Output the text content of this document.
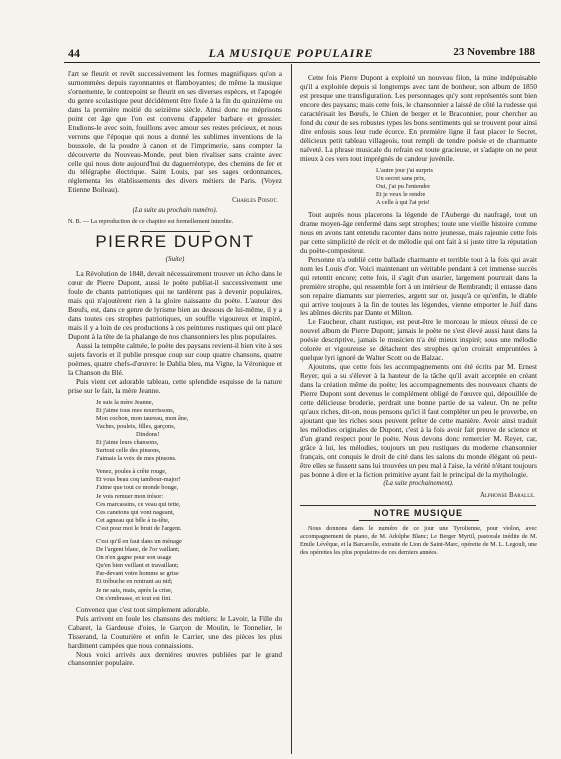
44	LA MUSIQUE POPULAIRE	23 Novembre 188

l'art se fleurit et revêt successivement les formes magnifiques qu'on a surnommées depuis rayonnantes et flamboyantes; de même la musique s'ornemente, le contrepoint se fleurit en ses diverses espèces, et l'apogée du genre scolastique peut décidément être fixée à la fin du quinzième ou dans la première moitié du seizième siècle. Ainsi donc ne méprisons point cet âge que l'on est convenu d'appeler barbare et grossier. Etudions-le avec soin, fouillons avec amour ses restes précieux, et nous verrons que l'époque qui nous a donné les sublimes inventions de la boussole, de la poudre à canon et de l'imprimerie, sans compter la découverte du Nouveau-Monde, peut bien rivaliser sans crainte avec celle qui nous dote aujourd'hui du daguerréotype, des chemins de fer et du télégraphe électrique. Saint Louis, par ses sages ordonnances, réglementa les établissements des divers métiers de Paris. (Voyez Etienne Boileau).

Charles Poisot.
(La suite au prochain numéro).
N. B. — La reproduction de ce chapitre est formellement interdite.
PIERRE DUPONT
(Suite)

La Révolution de 1848, devait nécessairement trouver un écho dans le cœur de Pierre Dupont, aussi le poète publiat-il successivement une foule de chants patriotiques qui ne tardèrent pas à devenir populaires, mais qui n'ajoutèrent rien à la gloire naissante du poète. L'auteur des Bœufs, est, dans ce genre de lyrisme bien au dessous de lui-même, il y a dans toutes ces strophes patriotiques, un souffle vigoureux et inspiré, mais il y a loin de ces productions à ces peintures rustiques qui ont placé Dupont à la tête de la phalange de nos chansonniers les plus populaires.

Aussi la tempête calmée, le poète des paysans revient-il bien vite à ses sujets favoris et il publie presque coup sur coup quatre chansons, quatre poèmes, quatre chefs-d'œuvre: le Dahlia bleu, ma Vigne, la Véronique et la Chanson du Blé.

Puis vient cet adorable tableau, cette splendide esquisse de la nature prise sur le fait, la mère Jeanne.

Je suis la mère Jeanne,
Et j'aime tous mes nourrissons,
Mon cochon, mon taureau, mon âne,
Vaches, poulets, filles, garçons,
Dindons!
Et j'aime leurs chansons,
Surtout celle des pinsons,
J'aimais la voix de mes pinsons.
Venez, poules à crête rouge,
Et vous beau coq tambour-major!
J'aime que tout ce monde bouge,
Je vois remuer mon trésor:
Ces marcassins, ce veau qui tette,
Ces canetons qui vont nageant,
Cet agneau qui bêle à tu-tête,
C'est pour moi le bruit de l'argent.
C'est qu'il en faut dans un ménage
De l'argent blanc, de l'or vaillant;
On n'en gagne pour son usage
Qu'en bien veillant et travaillant;
Par-devant votre homme se grise
Et trébuche en rentrant au nid;
Je ne sais, mais, après la crise,
On s'embrasse, et tout est fini.

Convenez que c'est tout simplement adorable.

Puis arrivent en foule les chansons des métiers: le Lavoir, la Fille du Cabaret, la Gardeuse d'oies, le Garçon de Moulin, le Tonnelier, le Tisserand, la Couturière et enfin le Carrier, une des pièces les plus hardiment campées que nous connaissions.

Nous voici arrivés aux dernières œuvres publiées par le grand chansonnier populaire.

Cette fois Pierre Dupont a exploité un nouveau filon, la mine indépuisable qu'il a exploitée depuis si longtemps avec tant de bonheur, son album de 1850 est presque une transfiguration. Les personnages qu'y sont représentés sont bien encore des paysans; mais cette fois, le chansonnier a laissé de côté la rudesse qui caractérisait les Bœufs, le Chien de berger et le Braconnier, pour chercher au fond du cœur de ses robustes types les bons sentiments qui se trouvent pour ainsi dire enfouis sous leur rude écorce. En première ligne il faut placer le Secret, délicieux petit tableau villageois, tout rempli de tendre poésie et de charmante naïveté. La phrase musicale du refrain est toute gracieuse, et s'adapte on ne peut mieux à ces vers tout imprégnés de candeur juvénile.

L'autre jour j'ai surpris
Un secret sans prix,
Oui, j'ai pu l'entendre
Et je veux le rendre
A celle à qui l'ai pris!

Tout auprès nous placerons la légende de l'Auberge du naufragé, tout un drame moyen-âge renfermé dans sept strophes; toute une vieille histoire comme nous en avons tant entendu raconter dans notre jeunesse, mais rajeunie cette fois par cette simplicité de récit et de mélodie qui ont fait à si juste titre la réputation du poète-compositeur.

Personne n'a oublié cette ballade charmante et terrible tout à la fois qui avait nom les Louis d'or. Voici maintenant un véritable pendant à cet immense succès qui retentit encore; cette fois, il s'agit d'un usurier, largement pourtrait dans la première strophe, qui ressemble fort à un intérieur de Rembrandt; il entasse dans son repaire diamants sur pierreries, argent sur or, jusqu'à ce qu'enfin, le diable qui arrive toujours à la fin de toutes les légendes, vienne emporter le Juif dans les abîmes décrits par Dante et Milton.

Le Faucheur, chant rustique, est peut-être le morceau le mieux réussi de ce nouvel album de Pierre Dupont; jamais le poète ne s'est élevé aussi haut dans la poésie descriptive, jamais le musicien n'a été mieux inspiré; sous une mélodie colorée et vigoureuse se détachent des strophes qu'on croirait empruntées à quelque lyri ignoré de Walter Scott ou de Balzac.

Ajoutons, que cette fois les accompagnements ont été écrits par M. Ernest Reyer, qui a su s'élever à la hauteur de la tâche qu'il avait acceptée en créant dans la création même du poète; les accompagnements des nouveaux chants de Pierre Dupont sont devenus le complément obligé de l'œuvre qui, dépouillée de cette délicieuse broderie, perdrait une bonne partie de sa valeur. On ne prête qu'aux riches, dit-on, nous pensons qu'ici il faut compléter un peu le proverbe, en ajoutant que les riches sous peuvent prêter de cette manière. Avoir ainsi traduit les mélodies originales de Dupont, c'est à la fois avoir fait preuve de science et d'un grand respect pour le poète. Nous devons donc remercier M. Reyer, car, grâce à lui, les mélodies, toujours un peu rustiques du moderne chansonnier français, ont conquis le droit de cité dans les salons du monde élégant où peut-être elles se fussent sans lui trouvées un peu mal à l'aise, la vérité n'étant toujours pas bonne à dire et la fiction primitive ayant fait le principal de la mythologie.

(La suite prochainement).
Alphonse Baralle.
NOTRE MUSIQUE

Nous donnons dans le numéro de ce jour une Tyrolienne, pour violon, avec accompagnement de piano, de M. Adolphe Blanc; Le Berger Myrtil, pastorale inédite de M. Emile Lévêque, et la Barcarolle, extraite de Lion de Saint-Marc, opérette de M. L. Legoult, une des opérettes les plus populaires de ces derniers années.
